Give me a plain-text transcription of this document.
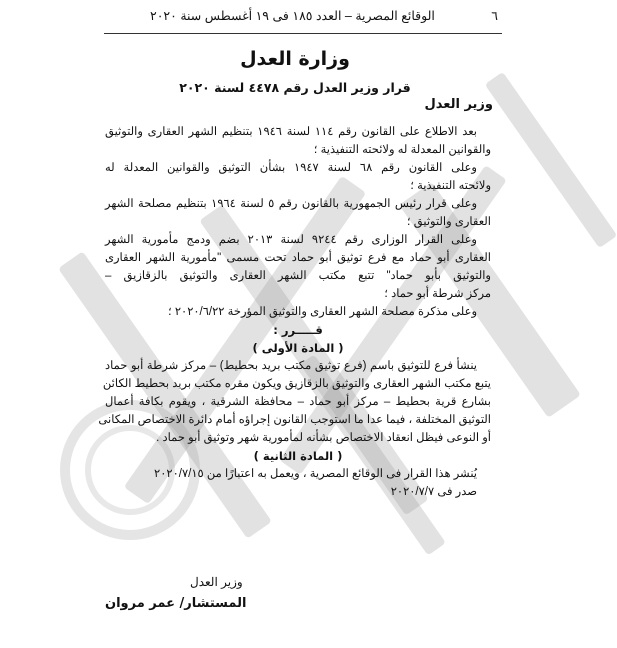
٦
الوقائع المصرية – العدد ١٨٥ فى ١٩ أغسطس سنة ٢٠٢٠
وزارة العدل
قرار وزير العدل رقم ٤٤٧٨ لسنة ٢٠٢٠
وزير العدل
بعد الاطلاع على القانون رقم ١١٤ لسنة ١٩٤٦ بتنظيم الشهر العقارى والتوثيق
والقوانين المعدلة له ولائحته التنفيذية ؛
وعلى القانون رقم ٦٨ لسنة ١٩٤٧ بشأن التوثيق والقوانين المعدلة له
ولائحته التنفيذية ؛
وعلى قرار رئيس الجمهورية بالقانون رقم ٥ لسنة ١٩٦٤ بتنظيم مصلحة الشهر
العقارى والتوثيق ؛
وعلى القرار الوزارى رقم ٩٢٤٤ لسنة ٢٠١٣ بضم ودمج مأمورية الشهر
العقارى أبو حماد مع فرع توثيق أبو حماد تحت مسمى "مأمورية الشهر العقارى
والتوثيق بأبو حماد" تتبع مكتب الشهر العقارى والتوثيق بالزقازيق –
مركز شرطة أبو حماد ؛
وعلى مذكرة مصلحة الشهر العقارى والتوثيق المؤرخة ٢٠٢٠/٦/٢٢ ؛
قـــــرر :
( المادة الأولى )
ينشأ فرع للتوثيق باسم (فرع توثيق مكتب بريد بحطيط) – مركز شرطة أبو حماد
يتبع مكتب الشهر العقارى والتوثيق بالزقازيق ويكون مقره مكتب بريد بحطيط الكائن
بشارع قرية بحطيط – مركز أبو حماد – محافظة الشرقية ، ويقوم بكافة أعمال
التوثيق المختلفة ، فيما عدا ما استوجب القانون إجراؤه أمام دائرة الاختصاص المكانى
أو النوعى فيظل انعقاد الاختصاص بشأنه لمأمورية شهر وتوثيق أبو حماد .
( المادة الثانية )
يُنشر هذا القرار فى الوقائع المصرية ، ويعمل به اعتبارًا من ٢٠٢٠/٧/١٥
صدر فى ٢٠٢٠/٧/٧
وزير العدل
المستشار/ عمر مروان
